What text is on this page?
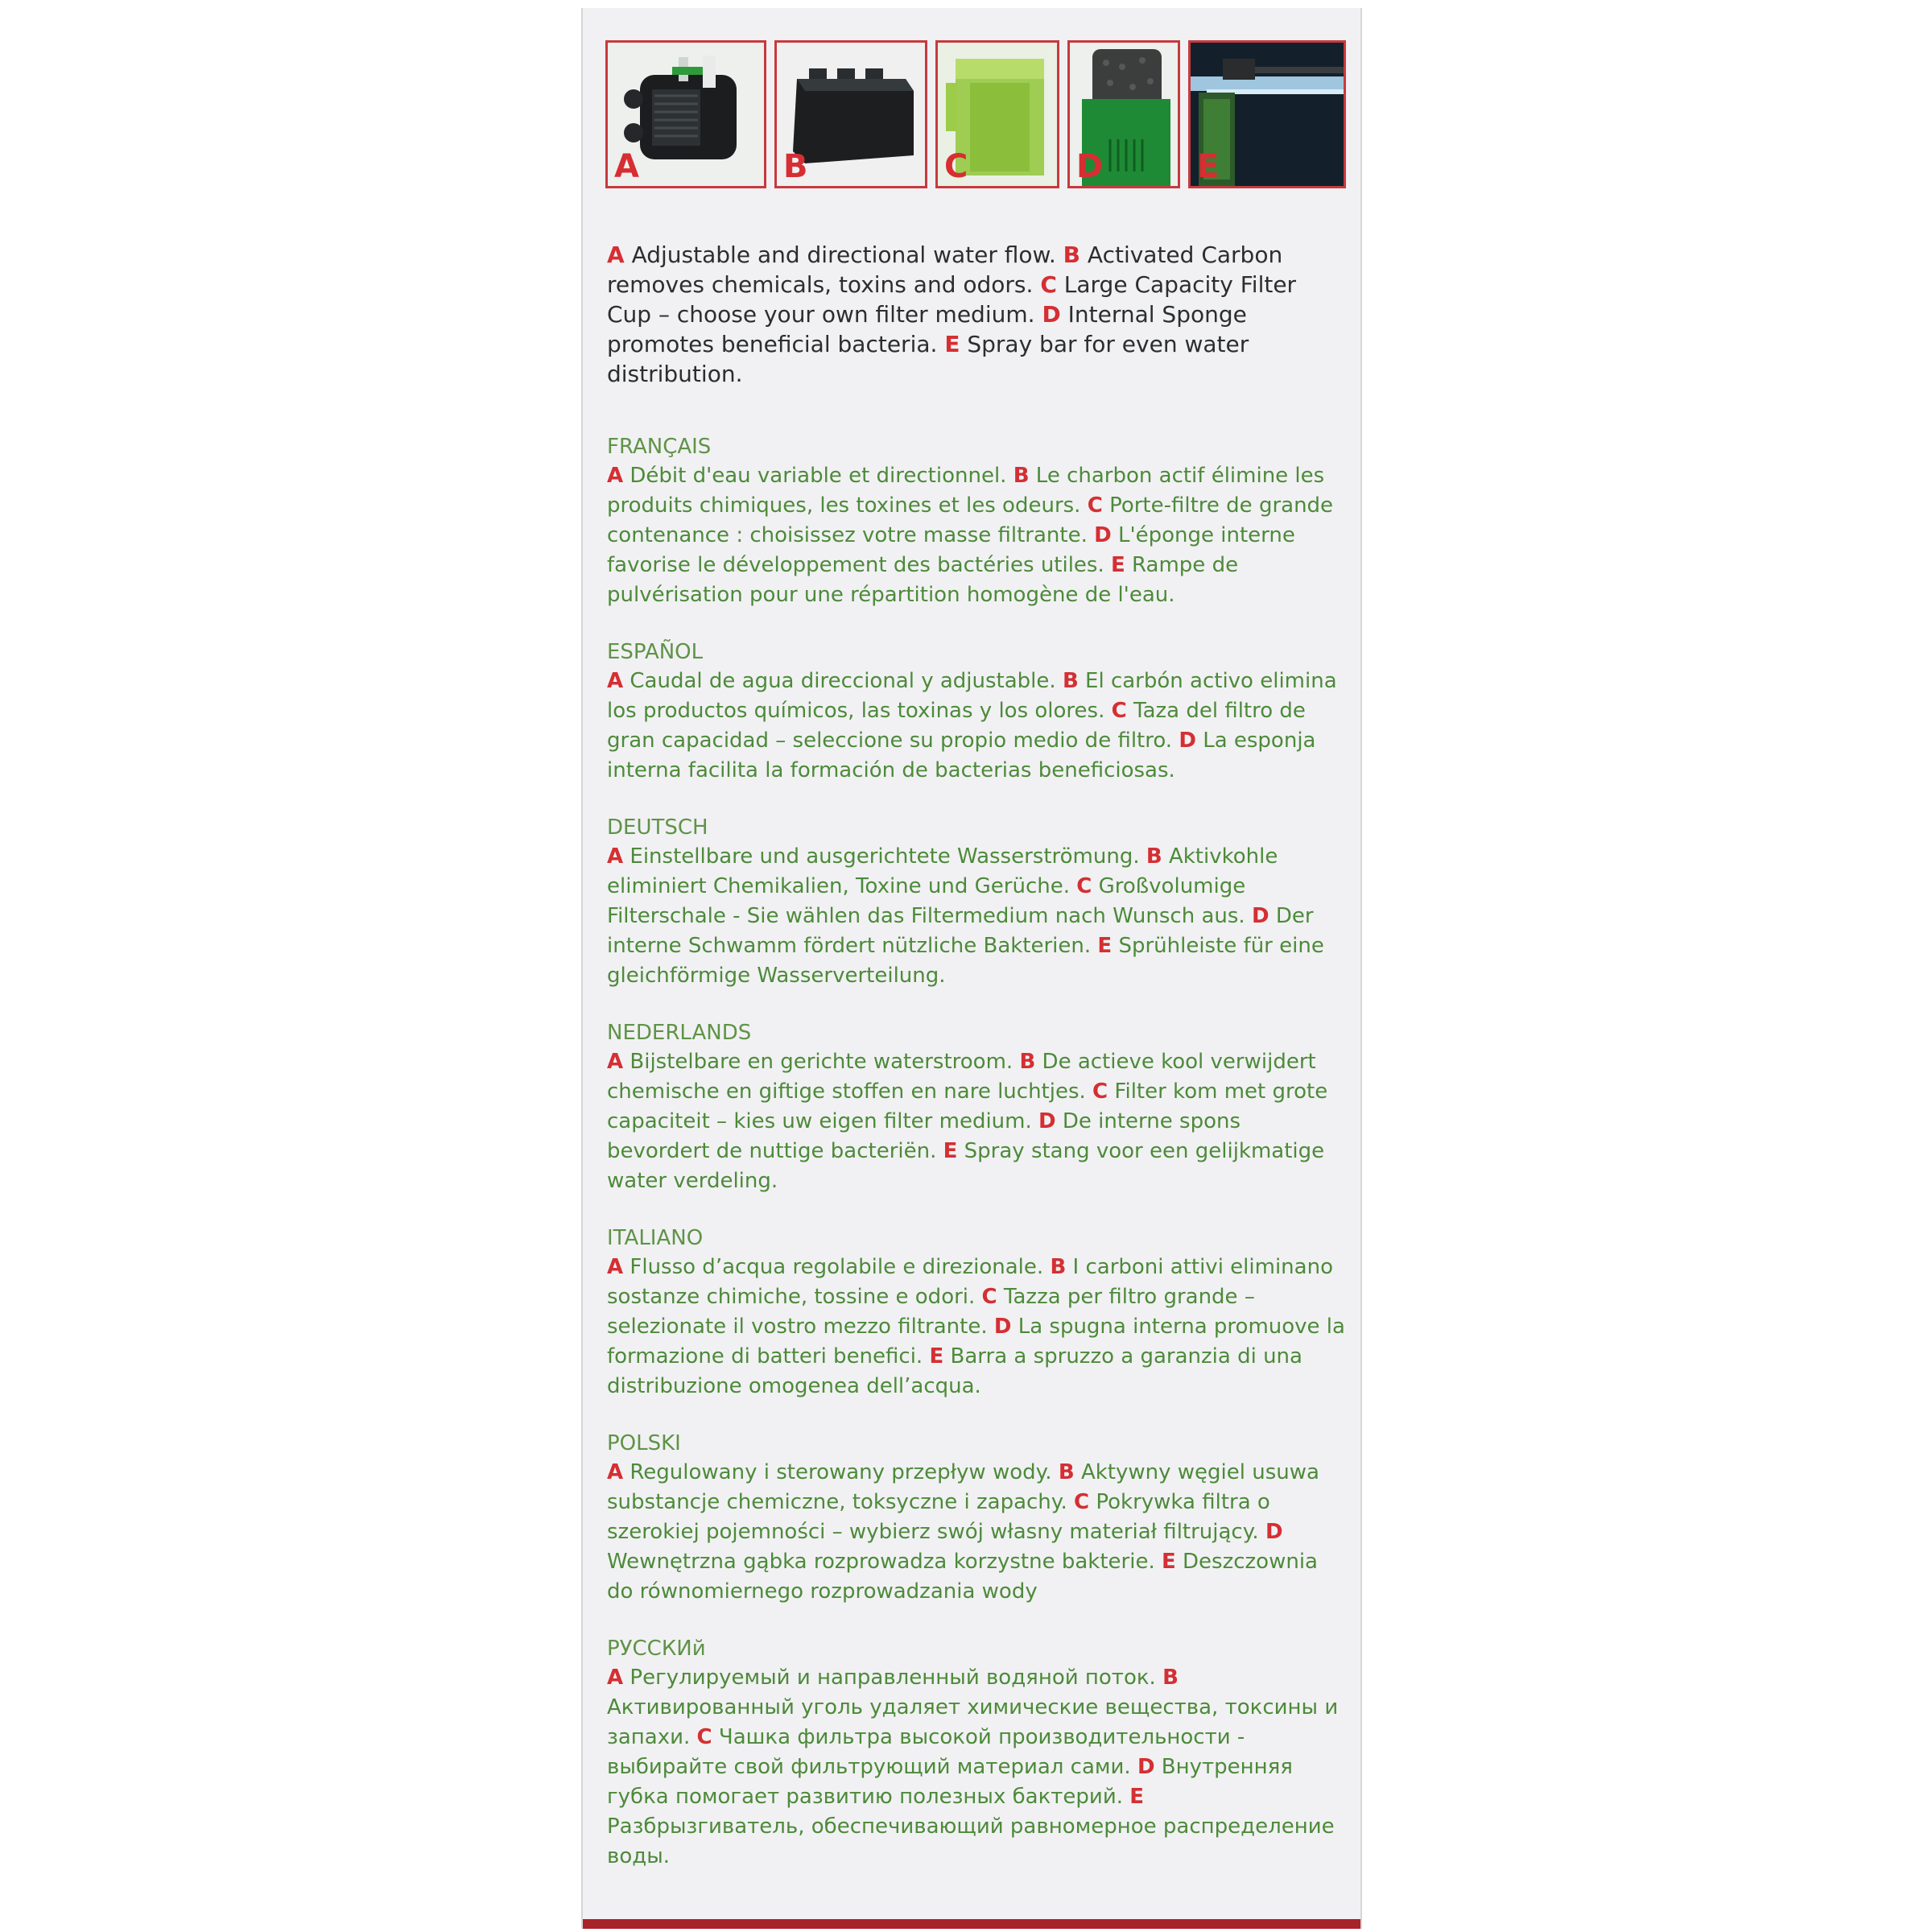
A	B	C	D	E

A Adjustable and directional water flow. B Activated Carbon removes chemicals, toxins and odors. C Large Capacity Filter Cup – choose your own filter medium. D Internal Sponge promotes beneficial bacteria. E Spray bar for even water distribution.

FRANÇAIS

A Débit d'eau variable et directionnel. B Le charbon actif élimine les produits chimiques, les toxines et les odeurs. C Porte-filtre de grande contenance : choisissez votre masse filtrante. D L'éponge interne favorise le développement des bactéries utiles. E Rampe de pulvérisation pour une répartition homogène de l'eau.

ESPAÑOL

A Caudal de agua direccional y adjustable. B El carbón activo elimina los productos químicos, las toxinas y los olores. C Taza del filtro de gran capacidad – seleccione su propio medio de filtro. D La esponja interna facilita la formación de bacterias beneficiosas.

DEUTSCH

A Einstellbare und ausgerichtete Wasserströmung. B Aktivkohle eliminiert Chemikalien, Toxine und Gerüche. C Großvolumige Filterschale - Sie wählen das Filtermedium nach Wunsch aus. D Der interne Schwamm fördert nützliche Bakterien. E Sprühleiste für eine gleichförmige Wasserverteilung.

NEDERLANDS

A Bijstelbare en gerichte waterstroom. B De actieve kool verwijdert chemische en giftige stoffen en nare luchtjes. C Filter kom met grote capaciteit – kies uw eigen filter medium. D De interne spons bevordert de nuttige bacteriën. E Spray stang voor een gelijkmatige water verdeling.

ITALIANO

A Flusso d’acqua regolabile e direzionale. B I carboni attivi eliminano sostanze chimiche, tossine e odori. C Tazza per filtro grande – selezionate il vostro mezzo filtrante. D La spugna interna promuove la formazione di batteri benefici. E Barra a spruzzo a garanzia di una distribuzione omogenea dell’acqua.

POLSKI

A Regulowany i sterowany przepływ wody. B Aktywny węgiel usuwa substancje chemiczne, toksyczne i zapachy. C Pokrywka filtra o szerokiej pojemności – wybierz swój własny materiał filtrujący. D Wewnętrzna gąbka rozprowadza korzystne bakterie. E Deszczownia do równomiernego rozprowadzania wody

РУССКИй

A Регулируемый и направленный водяной поток. B Активированный уголь удаляет химические вещества, токсины и запахи. C Чашка фильтра высокой производительности - выбирайте свой фильтрующий материал сами. D Внутренняя губка помогает развитию полезных бактерий. E Разбрызгиватель, обеспечивающий равномерное распределение воды.
